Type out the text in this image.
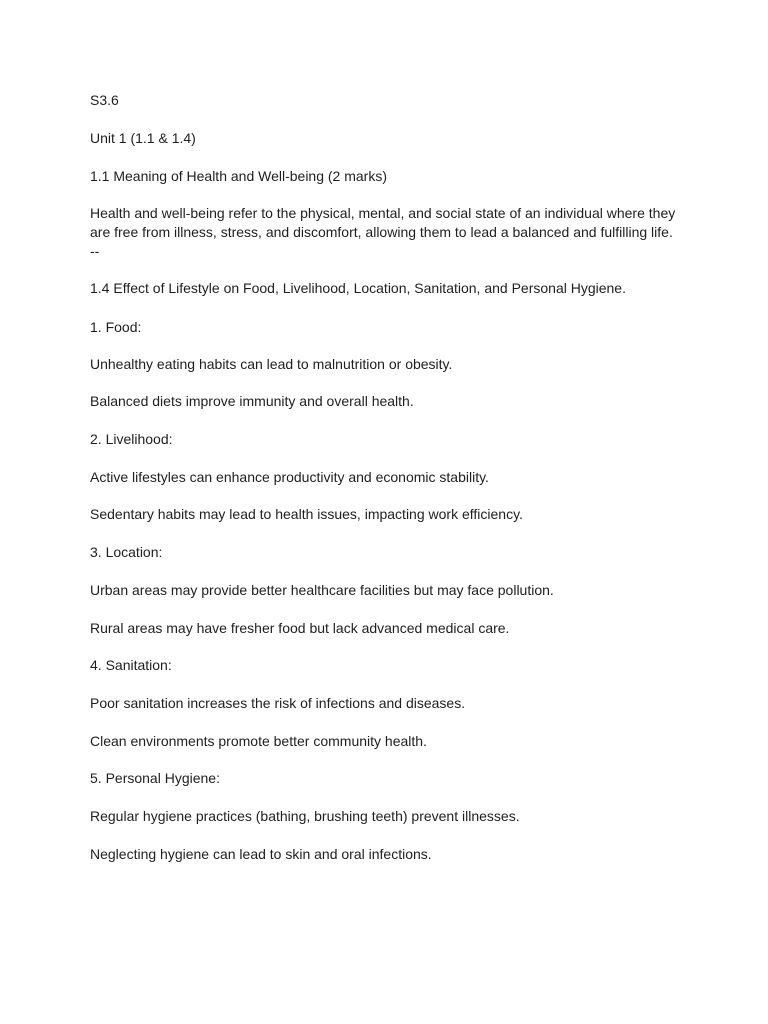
S3.6
Unit 1 (1.1 & 1.4)
1.1 Meaning of Health and Well-being (2 marks)
Health and well-being refer to the physical, mental, and social state of an individual where they
are free from illness, stress, and discomfort, allowing them to lead a balanced and fulfilling life.
--
1.4 Effect of Lifestyle on Food, Livelihood, Location, Sanitation, and Personal Hygiene.
1. Food:
Unhealthy eating habits can lead to malnutrition or obesity.
Balanced diets improve immunity and overall health.
2. Livelihood:
Active lifestyles can enhance productivity and economic stability.
Sedentary habits may lead to health issues, impacting work efficiency.
3. Location:
Urban areas may provide better healthcare facilities but may face pollution.
Rural areas may have fresher food but lack advanced medical care.
4. Sanitation:
Poor sanitation increases the risk of infections and diseases.
Clean environments promote better community health.
5. Personal Hygiene:
Regular hygiene practices (bathing, brushing teeth) prevent illnesses.
Neglecting hygiene can lead to skin and oral infections.
